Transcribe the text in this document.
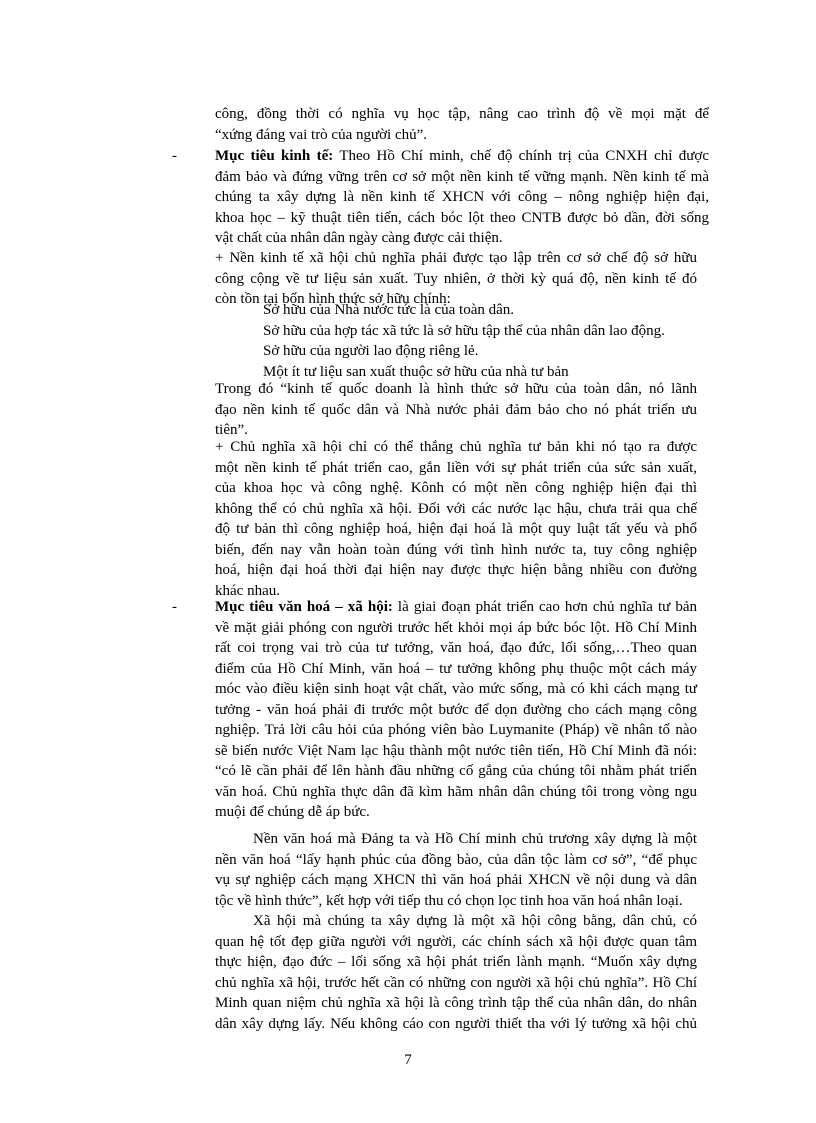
công, đồng thời có nghĩa vụ học tập, nâng cao trình độ về mọi mặt để
“xứng đáng vai trò của người chủ”.
-	Mục tiêu kinh tế: Theo Hồ Chí minh, chế độ chính trị của CNXH chỉ được
đảm bảo và đứng vững trên cơ sở một nền kinh tế vững mạnh. Nền kinh tế mà
chúng ta xây dựng là nền kinh tế XHCN với công – nông nghiệp hiện đại,
khoa học – kỹ thuật tiên tiến, cách bóc lột theo CNTB được bỏ dần, đời sống
vật chất của nhân dân ngày càng được cải thiện.
+ Nền kinh tế xã hội chủ nghĩa phải được tạo lập trên cơ sở chế độ sở hữu
công cộng về tư liệu sản xuất. Tuy nhiên, ở thời kỳ quá độ, nền kinh tế đó
còn tồn tại bốn hình thức sở hữu chính:
Sở hữu của Nhà nước tức là của toàn dân.
Sở hữu của hợp tác xã tức là sở hữu tập thể của nhân dân lao động.
Sở hữu của người lao động riêng lẻ.
Một ít tư liệu san xuất thuộc sở hữu của nhà tư bản
Trong đó “kinh tế quốc doanh là hình thức sở hữu của toàn dân, nó lãnh
đạo nền kinh tế quốc dân và Nhà nước phải đảm bảo cho nó phát triển ưu
tiên”.
+ Chủ nghĩa xã hội chỉ có thể thắng chủ nghĩa tư bản khi nó tạo ra được
một nền kinh tế phát triển cao, gắn liền với sự phát triển của sức sản xuất,
của khoa học và công nghệ. Kônh có một nền công nghiệp hiện đại thì
không thể có chủ nghĩa xã hội. Đối với các nước lạc hậu, chưa trải qua chế
độ tư bản thì công nghiệp hoá, hiện đại hoá là một quy luật tất yếu và phổ
biến, đến nay vẫn hoàn toàn đúng với tình hình nước ta, tuy công nghiệp
hoá, hiện đại hoá thời đại hiện nay được thực hiện bằng nhiều con đường
khác nhau.
-	Mục tiêu văn hoá – xã hội: là giai đoạn phát triển cao hơn chủ nghĩa tư bản
về mặt giải phóng con người trước hết khỏi mọi áp bức bóc lột. Hồ Chí Minh
rất coi trọng vai trò của tư tưởng, văn hoá, đạo đức, lối sống,…Theo quan
điểm của Hồ Chí Minh, văn hoá – tư tưởng không phụ thuộc một cách máy
móc vào điều kiện sinh hoạt vật chất, vào mức sống, mà có khi cách mạng tư
tưởng - văn hoá phải đi trước một bước để dọn đường cho cách mạng công
nghiệp. Trả lời câu hỏi của phóng viên bào Luymanite (Pháp) về nhân tố nào
sẽ biến nước Việt Nam lạc hậu thành một nước tiên tiến, Hồ Chí Minh đã nói:
“có lẽ cần phải để lên hành đầu những cố gắng của chúng tôi nhằm phát triển
văn hoá. Chủ nghĩa thực dân đã kìm hãm nhân dân chúng tôi trong vòng ngu
muội để chúng dễ áp bức.
Nền văn hoá mà Đảng ta và Hồ Chí minh chủ trương xây dựng là một
nền văn hoá “lấy hạnh phúc của đồng bào, của dân tộc làm cơ sở”, “để phục
vụ sự nghiệp cách mạng XHCN thì văn hoá phải XHCN về nội dung và dân
tộc về hình thức”, kết hợp với tiếp thu có chọn lọc tinh hoa văn hoá nhân loại.
Xã hội mà chúng ta xây dựng là một xã hội công bằng, dân chủ, có
quan hệ tốt đẹp giữa người với người, các chính sách xã hội được quan tâm
thực hiện, đạo đức – lối sống xã hội phát triển lành mạnh. “Muốn xây dựng
chủ nghĩa xã hội, trước hết cần có những con người xã hội chủ nghĩa”. Hồ Chí
Minh quan niệm chủ nghĩa xã hội là công trình tập thể của nhân dân, do nhân
dân xây dựng lấy. Nếu không cáo con người thiết tha với lý tưởng xã hội chủ
7
